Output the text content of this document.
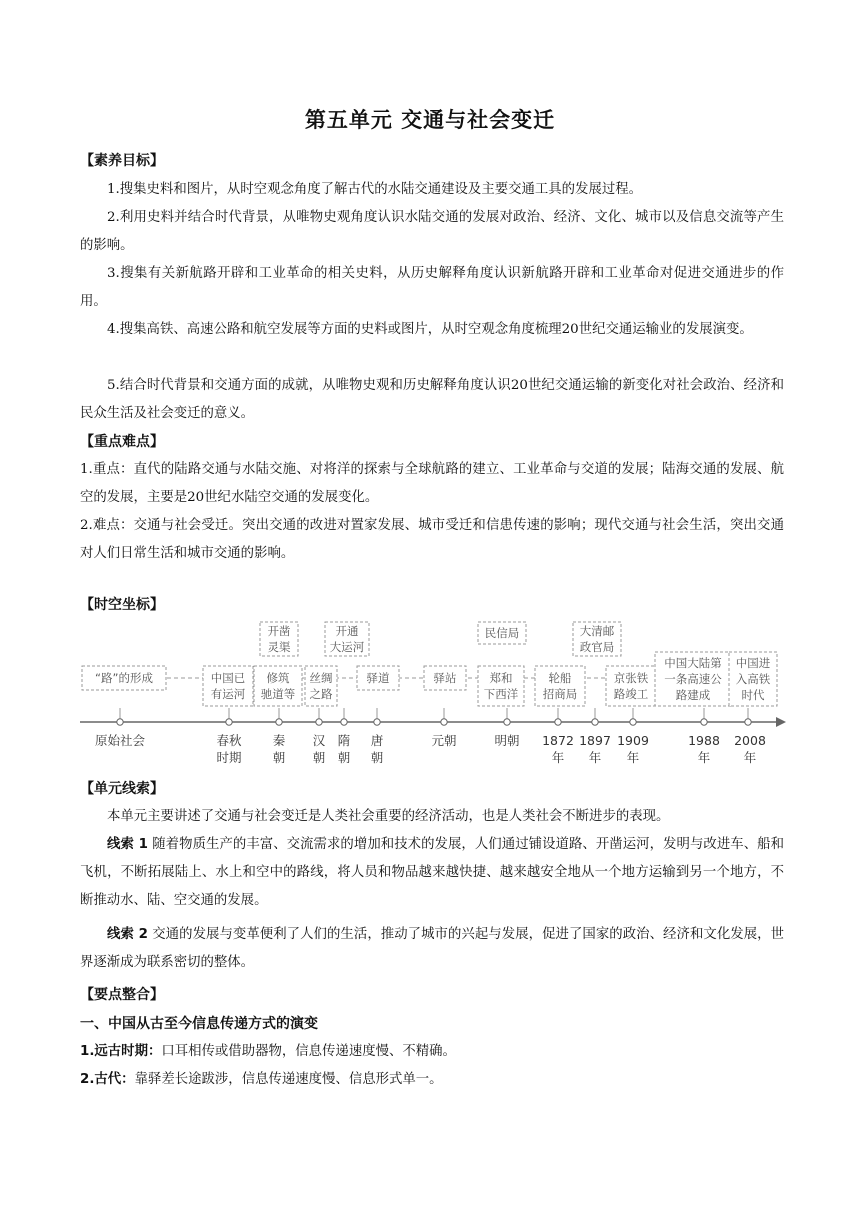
第五单元 交通与社会变迁
【素养目标】
1.搜集史料和图片，从时空观念角度了解古代的水陆交通建设及主要交通工具的发展过程。
2.利用史料并结合时代背景，从唯物史观角度认识水陆交通的发展对政治、经济、文化、城市以及信息交流等产生的影响。
3.搜集有关新航路开辟和工业革命的相关史料，从历史解释角度认识新航路开辟和工业革命对促进交通进步的作用。
4.搜集高铁、高速公路和航空发展等方面的史料或图片，从时空观念角度梳理20世纪交通运输业的发展演变。
5.结合时代背景和交通方面的成就，从唯物史观和历史解释角度认识20世纪交通运输的新变化对社会政治、经济和民众生活及社会变迁的意义。
【重点难点】
1.重点：直代的陆路交通与水陆交施、对将洋的探索与全球航路的建立、工业革命与交道的发展；陆海交通的发展、航空的发展，主要是20世纪水陆空交通的发展变化。
2.难点：交通与社会受迁。突出交通的改进对置家发展、城市受迁和信患传速的影响；现代交通与社会生活，突出交通对人们日常生活和城市交通的影响。
【时空坐标】
“路”的形成	中国已
有运河
开凿
灵渠
修筑
驰道等
丝绸
之路
开通
大运河
驿道	驿站
民信局
郑和
下西洋
轮船
招商局
大清邮
政官局
京张铁
路竣工
中国大陆第
一条高速公
路建成
中国进
入高铁
时代
原始社会	春秋
时期
秦
朝
汉
朝
隋
朝
唐
朝
元朝	明朝 1872
年
1897
年
1909
年
1988
年
2008
年
【单元线索】
本单元主要讲述了交通与社会变迁是人类社会重要的经济活动，也是人类社会不断进步的表现。
线索 1 随着物质生产的丰富、交流需求的增加和技术的发展，人们通过铺设道路、开凿运河，发明与改进车、船和飞机，不断拓展陆上、水上和空中的路线，将人员和物品越来越快捷、越来越安全地从一个地方运输到另一个地方，不断推动水、陆、空交通的发展。
线索 2 交通的发展与变革便利了人们的生活，推动了城市的兴起与发展，促进了国家的政治、经济和文化发展，世界逐渐成为联系密切的整体。
【要点整合】
一、中国从古至今信息传递方式的演变
1.远古时期：口耳相传或借助器物，信息传递速度慢、不精确。
2.古代：靠驿差长途跋涉，信息传递速度慢、信息形式单一。
